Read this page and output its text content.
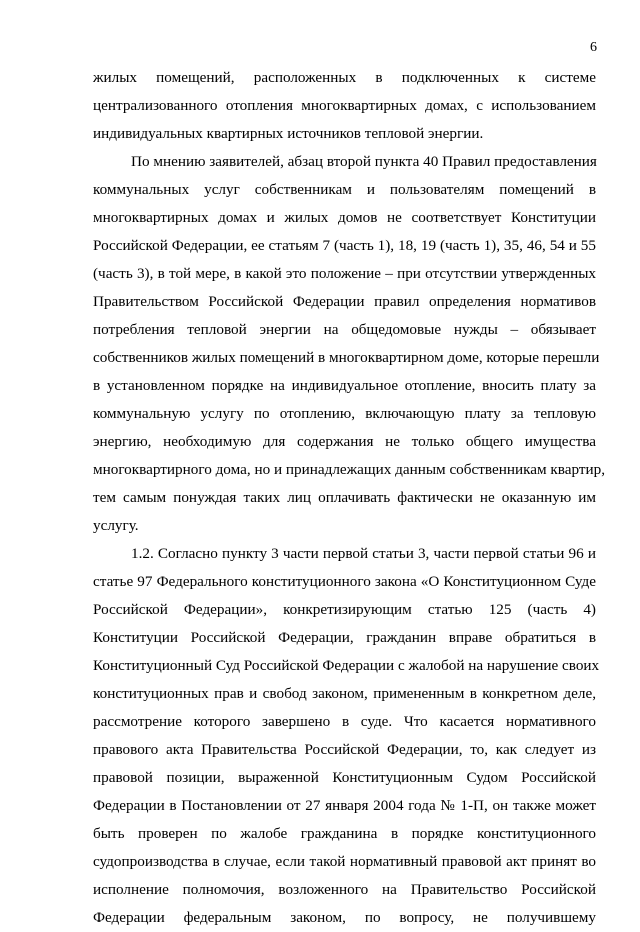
6
жилых помещений, расположенных в подключенных к системе
централизованного отопления многоквартирных домах, с использованием
индивидуальных квартирных источников тепловой энергии.
По мнению заявителей, абзац второй пункта 40 Правил предоставления
коммунальных услуг собственникам и пользователям помещений в
многоквартирных домах и жилых домов не соответствует Конституции
Российской Федерации, ее статьям 7 (часть 1), 18, 19 (часть 1), 35, 46, 54 и 55
(часть 3), в той мере, в какой это положение – при отсутствии утвержденных
Правительством Российской Федерации правил определения нормативов
потребления тепловой энергии на общедомовые нужды – обязывает
собственников жилых помещений в многоквартирном доме, которые перешли
в установленном порядке на индивидуальное отопление, вносить плату за
коммунальную услугу по отоплению, включающую плату за тепловую
энергию, необходимую для содержания не только общего имущества
многоквартирного дома, но и принадлежащих данным собственникам квартир,
тем самым понуждая таких лиц оплачивать фактически не оказанную им
услугу.
1.2. Согласно пункту 3 части первой статьи 3, части первой статьи 96 и
статье 97 Федерального конституционного закона «О Конституционном Суде
Российской Федерации», конкретизирующим статью 125 (часть 4)
Конституции Российской Федерации, гражданин вправе обратиться в
Конституционный Суд Российской Федерации с жалобой на нарушение своих
конституционных прав и свобод законом, примененным в конкретном деле,
рассмотрение которого завершено в суде. Что касается нормативного
правового акта Правительства Российской Федерации, то, как следует из
правовой позиции, выраженной Конституционным Судом Российской
Федерации в Постановлении от 27 января 2004 года № 1-П, он также может
быть проверен по жалобе гражданина в порядке конституционного
судопроизводства в случае, если такой нормативный правовой акт принят во
исполнение полномочия, возложенного на Правительство Российской
Федерации федеральным законом, по вопросу, не получившему
